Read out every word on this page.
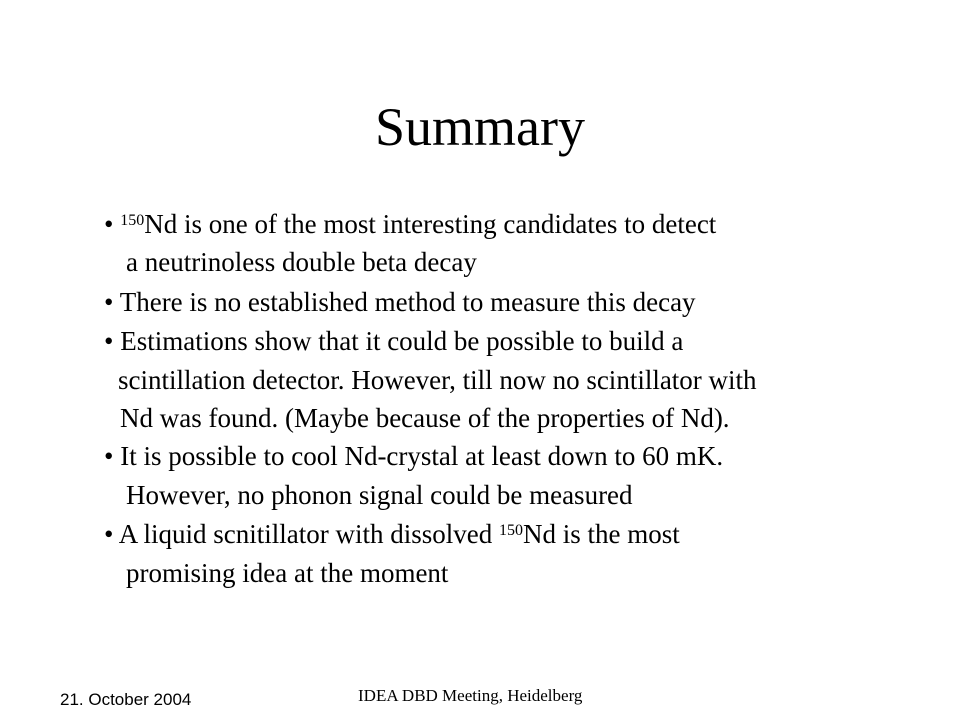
Summary
• $^{150}$Nd is one of the most interesting candidates to detect
a neutrinoless double beta decay
• There is no established method to measure this decay
• Estimations show that it could be possible to build a
scintillation detector. However, till now no scintillator with
Nd was found. (Maybe because of the properties of Nd).
• It is possible to cool Nd-crystal at least down to 60 mK.
However, no phonon signal could be measured
• A liquid scnitillator with dissolved $^{150}$Nd is the most
promising idea at the moment
21. October 2004	IDEA DBD Meeting, Heidelberg
